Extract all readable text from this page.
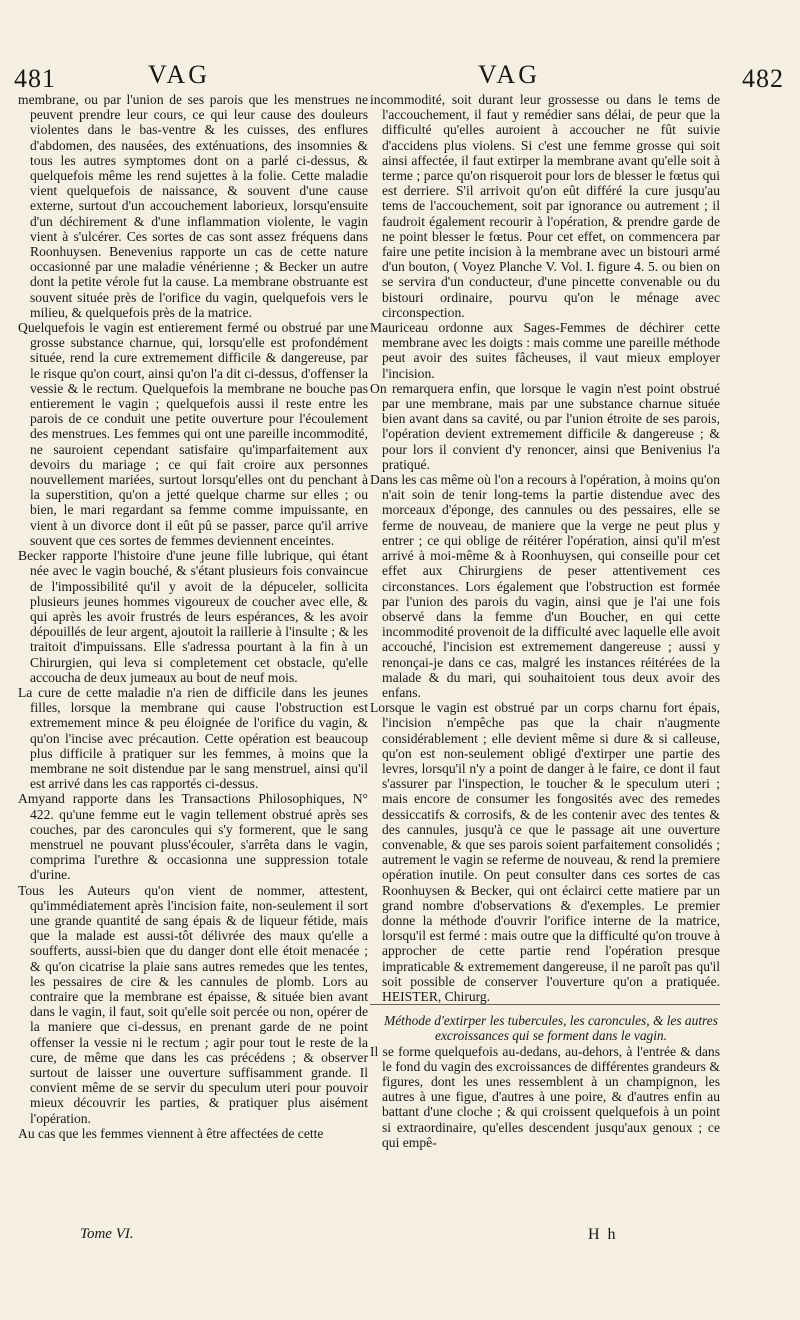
481	VAG	VAG	482

membrane, ou par l'union de ses parois que les menstrues ne peuvent prendre leur cours, ce qui leur cause des douleurs violentes dans le bas-ventre & les cuisses, des enflures d'abdomen, des nausées, des exténuations, des insomnies & tous les autres symptomes dont on a parlé ci-dessus, & quelquefois même les rend sujettes à la folie. Cette maladie vient quelquefois de naissance, & souvent d'une cause externe, surtout d'un accouchement laborieux, lorsqu'ensuite d'un déchirement & d'une inflammation violente, le vagin vient à s'ulcérer. Ces sortes de cas sont assez fréquens dans Roonhuysen. Benevenius rapporte un cas de cette nature occasionné par une maladie vénérienne ; & Becker un autre dont la petite vérole fut la cause. La membrane obstruante est souvent située près de l'orifice du vagin, quelquefois vers le milieu, & quelquefois près de la matrice.

Quelquefois le vagin est entierement fermé ou obstrué par une grosse substance charnue, qui, lorsqu'elle est profondément située, rend la cure extremement difficile & dangereuse, par le risque qu'on court, ainsi qu'on l'a dit ci-dessus, d'offenser la vessie & le rectum. Quelquefois la membrane ne bouche pas entierement le vagin ; quelquefois aussi il reste entre les parois de ce conduit une petite ouverture pour l'écoulement des menstrues. Les femmes qui ont une pareille incommodité, ne sauroient cependant satisfaire qu'imparfaitement aux devoirs du mariage ; ce qui fait croire aux personnes nouvellement mariées, surtout lorsqu'elles ont du penchant à la superstition, qu'on a jetté quelque charme sur elles ; ou bien, le mari regardant sa femme comme impuissante, en vient à un divorce dont il eût pû se passer, parce qu'il arrive souvent que ces sortes de femmes deviennent enceintes.

Becker rapporte l'histoire d'une jeune fille lubrique, qui étant née avec le vagin bouché, & s'étant plusieurs fois convaincue de l'impossibilité qu'il y avoit de la dépuceler, sollicita plusieurs jeunes hommes vigoureux de coucher avec elle, & qui après les avoir frustrés de leurs espérances, & les avoir dépouillés de leur argent, ajoutoit la raillerie à l'insulte ; & les traitoit d'impuissans. Elle s'adressa pourtant à la fin à un Chirurgien, qui leva si completement cet obstacle, qu'elle accoucha de deux jumeaux au bout de neuf mois.

La cure de cette maladie n'a rien de difficile dans les jeunes filles, lorsque la membrane qui cause l'obstruction est extremement mince & peu éloignée de l'orifice du vagin, & qu'on l'incise avec précaution. Cette opération est beaucoup plus difficile à pratiquer sur les femmes, à moins que la membrane ne soit distendue par le sang menstruel, ainsi qu'il est arrivé dans les cas rapportés ci-dessus.

Amyand rapporte dans les Transactions Philosophiques, N° 422. qu'une femme eut le vagin tellement obstrué après ses couches, par des caroncules qui s'y formerent, que le sang menstruel ne pouvant pluss'écouler, s'arrêta dans le vagin, comprima l'urethre & occasionna une suppression totale d'urine.

Tous les Auteurs qu'on vient de nommer, attestent, qu'immédiatement après l'incision faite, non-seulement il sort une grande quantité de sang épais & de liqueur fétide, mais que la malade est aussi-tôt délivrée des maux qu'elle a soufferts, aussi-bien que du danger dont elle étoit menacée ; & qu'on cicatrise la plaie sans autres remedes que les tentes, les pessaires de cire & les cannules de plomb. Lors au contraire que la membrane est épaisse, & située bien avant dans le vagin, il faut, soit qu'elle soit percée ou non, opérer de la maniere que ci-dessus, en prenant garde de ne point offenser la vessie ni le rectum ; agir pour tout le reste de la cure, de même que dans les cas précédens ; & observer surtout de laisser une ouverture suffisamment grande. Il convient même de se servir du speculum uteri pour pouvoir mieux découvrir les parties, & pratiquer plus aisément l'opération.

Au cas que les femmes viennent à être affectées de cette

incommodité, soit durant leur grossesse ou dans le tems de l'accouchement, il faut y remédier sans délai, de peur que la difficulté qu'elles auroient à accoucher ne fût suivie d'accidens plus violens. Si c'est une femme grosse qui soit ainsi affectée, il faut extirper la membrane avant qu'elle soit à terme ; parce qu'on risqueroit pour lors de blesser le fœtus qui est derriere. S'il arrivoit qu'on eût différé la cure jusqu'au tems de l'accouchement, soit par ignorance ou autrement ; il faudroit également recourir à l'opération, & prendre garde de ne point blesser le fœtus. Pour cet effet, on commencera par faire une petite incision à la membrane avec un bistouri armé d'un bouton, ( Voyez Planche V. Vol. I. figure 4. 5. ou bien on se servira d'un conducteur, d'une pincette convenable ou du bistouri ordinaire, pourvu qu'on le ménage avec circonspection.

Mauriceau ordonne aux Sages-Femmes de déchirer cette membrane avec les doigts : mais comme une pareille méthode peut avoir des suites fâcheuses, il vaut mieux employer l'incision.

On remarquera enfin, que lorsque le vagin n'est point obstrué par une membrane, mais par une substance charnue située bien avant dans sa cavité, ou par l'union étroite de ses parois, l'opération devient extremement difficile & dangereuse ; & pour lors il convient d'y renoncer, ainsi que Benivenius l'a pratiqué.

Dans les cas même où l'on a recours à l'opération, à moins qu'on n'ait soin de tenir long-tems la partie distendue avec des morceaux d'éponge, des cannules ou des pessaires, elle se ferme de nouveau, de maniere que la verge ne peut plus y entrer ; ce qui oblige de réitérer l'opération, ainsi qu'il m'est arrivé à moi-même & à Roonhuysen, qui conseille pour cet effet aux Chirurgiens de peser attentivement ces circonstances. Lors également que l'obstruction est formée par l'union des parois du vagin, ainsi que je l'ai une fois observé dans la femme d'un Boucher, en qui cette incommodité provenoit de la difficulté avec laquelle elle avoit accouché, l'incision est extremement dangereuse ; aussi y renonçai-je dans ce cas, malgré les instances réitérées de la malade & du mari, qui souhaitoient tous deux avoir des enfans.

Lorsque le vagin est obstrué par un corps charnu fort épais, l'incision n'empêche pas que la chair n'augmente considérablement ; elle devient même si dure & si calleuse, qu'on est non-seulement obligé d'extirper une partie des levres, lorsqu'il n'y a point de danger à le faire, ce dont il faut s'assurer par l'inspection, le toucher & le speculum uteri ; mais encore de consumer les fongosités avec des remedes dessiccatifs & corrosifs, & de les contenir avec des tentes & des cannules, jusqu'à ce que le passage ait une ouverture convenable, & que ses parois soient parfaitement consolidés ; autrement le vagin se referme de nouveau, & rend la premiere opération inutile. On peut consulter dans ces sortes de cas Roonhuysen & Becker, qui ont éclairci cette matiere par un grand nombre d'observations & d'exemples. Le premier donne la méthode d'ouvrir l'orifice interne de la matrice, lorsqu'il est fermé : mais outre que la difficulté qu'on trouve à approcher de cette partie rend l'opération presque impraticable & extremement dangereuse, il ne paroît pas qu'il soit possible de conserver l'ouverture qu'on a pratiquée. HEISTER, Chirurg.

Méthode d'extirper les tubercules, les caroncules, & les autres excroissances qui se forment dans le vagin.

Il se forme quelquefois au-dedans, au-dehors, à l'entrée & dans le fond du vagin des excroissances de différentes grandeurs & figures, dont les unes ressemblent à un champignon, les autres à une figue, d'autres à une poire, & d'autres enfin au battant d'une cloche ; & qui croissent quelquefois à un point si extraordinaire, qu'elles descendent jusqu'aux genoux ; ce qui empê-

Tome VI.	H h
